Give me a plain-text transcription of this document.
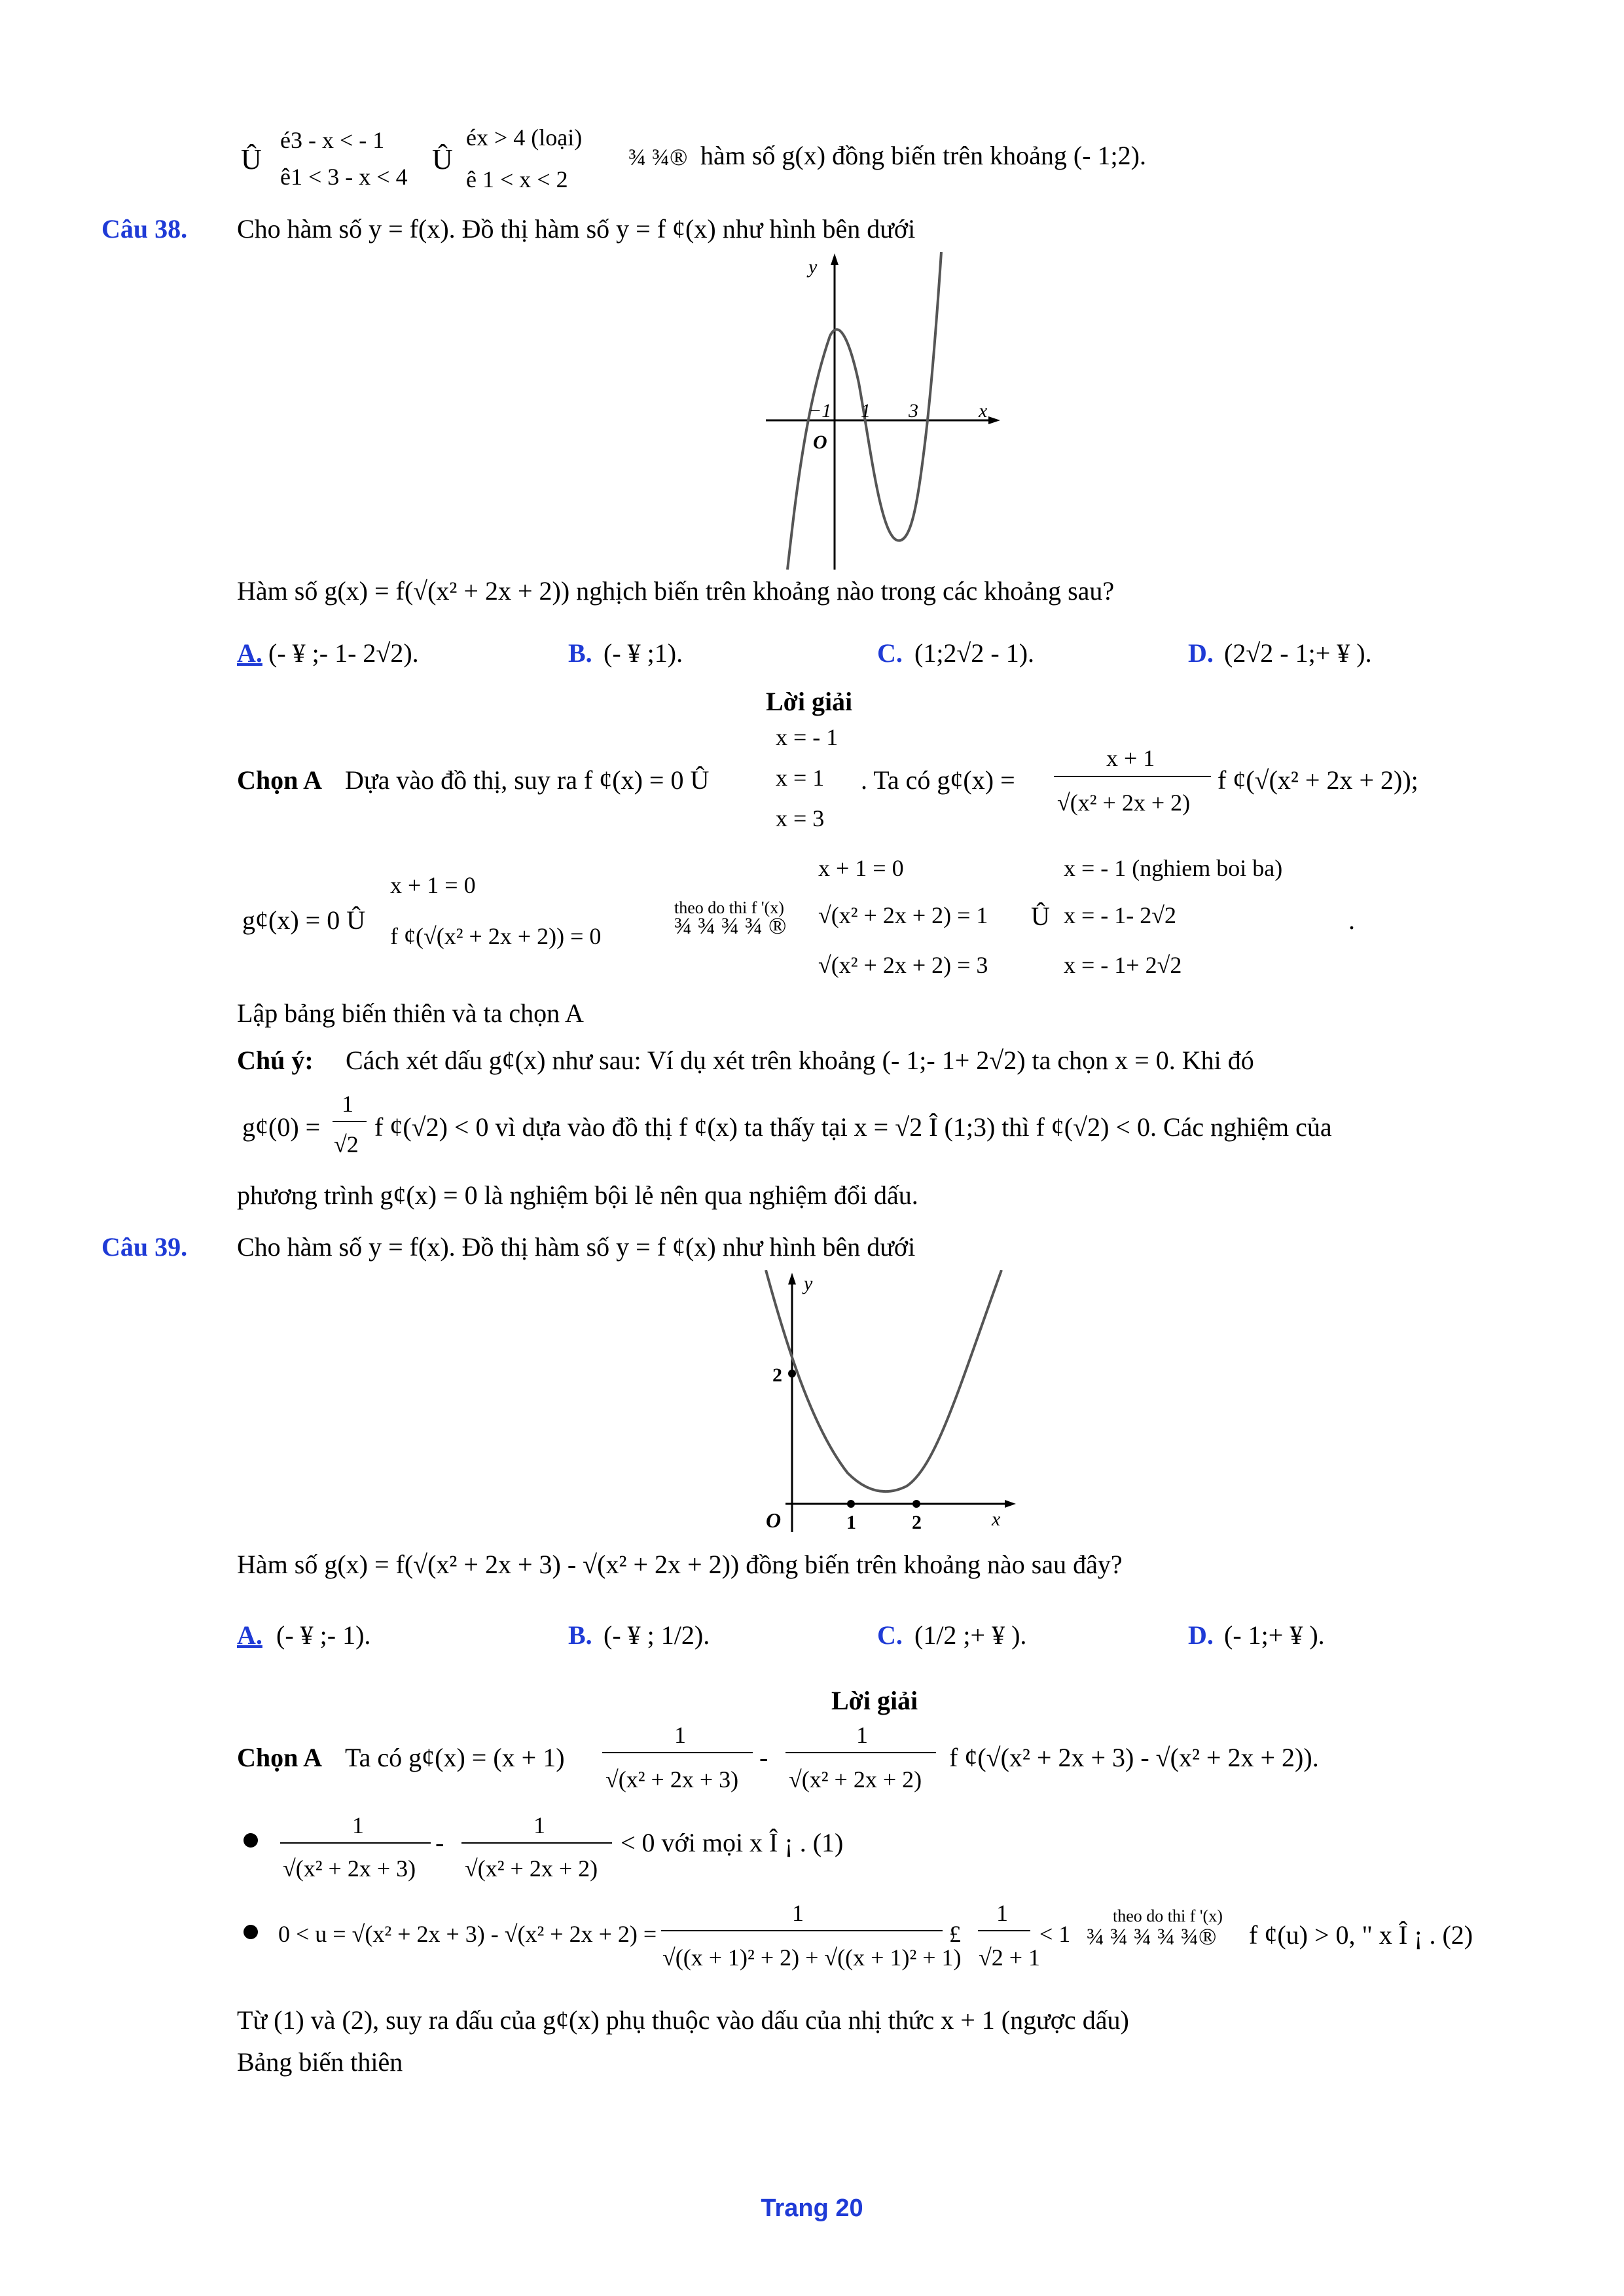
Û
é3 - x < - 1
ê1 < 3 - x < 4
Û
éx > 4 (loại)
ê 1 < x < 2
¾ ¾® hàm số g(x) đồng biến trên khoảng (- 1;2).
Câu 38. Cho hàm số y = f(x). Đồ thị hàm số y = f ¢(x) như hình bên dưới
−1 1 3	x
y
O
Hàm số g(x) = f(√(x² + 2x + 2)) nghịch biến trên khoảng nào trong các khoảng sau?
A. (- ¥ ;- 1- 2√2).	B. (- ¥ ;1).	C. (1;2√2 - 1).	D. (2√2 - 1;+ ¥ ).
Lời giải
Chọn A Dựa vào đồ thị, suy ra f ¢(x) = 0 Û
x = - 1
x = 1
x = 3
. Ta có g¢(x) =
x + 1
√(x² + 2x + 2)
f ¢(√(x² + 2x + 2));
g¢(x) = 0 Û
x + 1 = 0
f ¢(√(x² + 2x + 2)) = 0
theo do thi f '(x)
¾ ¾ ¾ ¾ ®
x + 1 = 0
√(x² + 2x + 2) = 1
√(x² + 2x + 2) = 3
Û
x = - 1 (nghiem boi ba)
x = - 1- 2√2
x = - 1+ 2√2
.
Lập bảng biến thiên và ta chọn A
Chú ý: Cách xét dấu g¢(x) như sau: Ví dụ xét trên khoảng (- 1;- 1+ 2√2) ta chọn x = 0. Khi đó
g¢(0) =
1
√2
f ¢(√2) < 0 vì dựa vào đồ thị f ¢(x) ta thấy tại x = √2 Î (1;3) thì f ¢(√2) < 0. Các nghiệm của
phương trình g¢(x) = 0 là nghiệm bội lẻ nên qua nghiệm đổi dấu.
Câu 39. Cho hàm số y = f(x). Đồ thị hàm số y = f ¢(x) như hình bên dưới
2
1	2	x
y
O
Hàm số g(x) = f(√(x² + 2x + 3) - √(x² + 2x + 2)) đồng biến trên khoảng nào sau đây?
A. (- ¥ ;- 1).	B. (- ¥ ; 1/2).	C. (1/2 ;+ ¥ ).	D. (- 1;+ ¥ ).
Lời giải
Chọn A Ta có g¢(x) = (x + 1)
1
√(x² + 2x + 3)
-
1
√(x² + 2x + 2)
f ¢(√(x² + 2x + 3) - √(x² + 2x + 2)).
1
√(x² + 2x + 3)
-
1
√(x² + 2x + 2)
< 0 với mọi x Î ¡ . (1)
0 < u = √(x² + 2x + 3) - √(x² + 2x + 2) =
1
√((x + 1)² + 2) + √((x + 1)² + 1)
£
1
√2 + 1
< 1
theo do thi f '(x)
¾ ¾ ¾ ¾ ¾® f ¢(u) > 0, " x Î ¡ . (2)
Từ (1) và (2), suy ra dấu của g¢(x) phụ thuộc vào dấu của nhị thức x + 1 (ngược dấu)
Bảng biến thiên
Trang 20
